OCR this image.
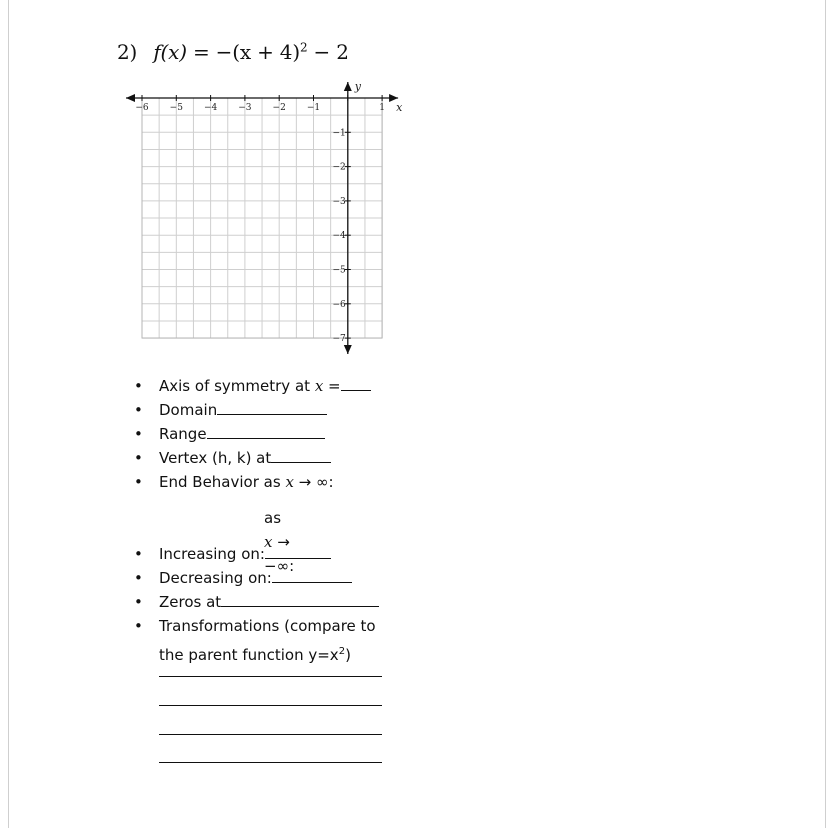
2) $f(x) = -(x + 4)^2 - 2$
−6 −5 −4 −3 −2 −1	1
−1
−2
−3
−4
−5
−6
−7
x
y
• Axis of symmetry at x =
• Domain
• Range
• Vertex (h, k) at
• End Behavior as x → ∞:
as x → −∞:
• Increasing on:
• Decreasing on:
• Zeros at
• Transformations (compare to
the parent function $y=x^2$)
